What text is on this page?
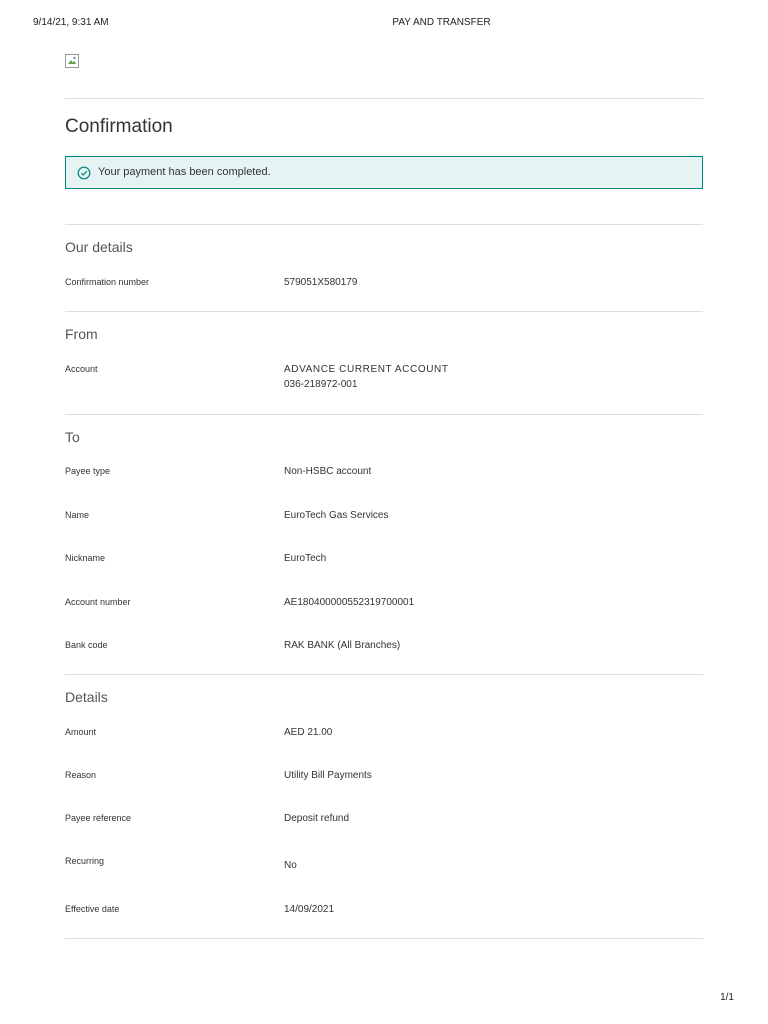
9/14/21, 9:31 AM	PAY AND TRANSFER
Confirmation
Your payment has been completed.
Our details
Confirmation number	579051X580179
From
Account	ADVANCE CURRENT ACCOUNT
036-218972-001
To
Payee type	Non-HSBC account
Name	EuroTech Gas Services
Nickname	EuroTech
Account number	AE180400000552319700001
Bank code	RAK BANK (All Branches)
Details
Amount	AED 21.00
Reason	Utility Bill Payments
Payee reference	Deposit refund
Recurring	No
Effective date	14/09/2021
1/1
